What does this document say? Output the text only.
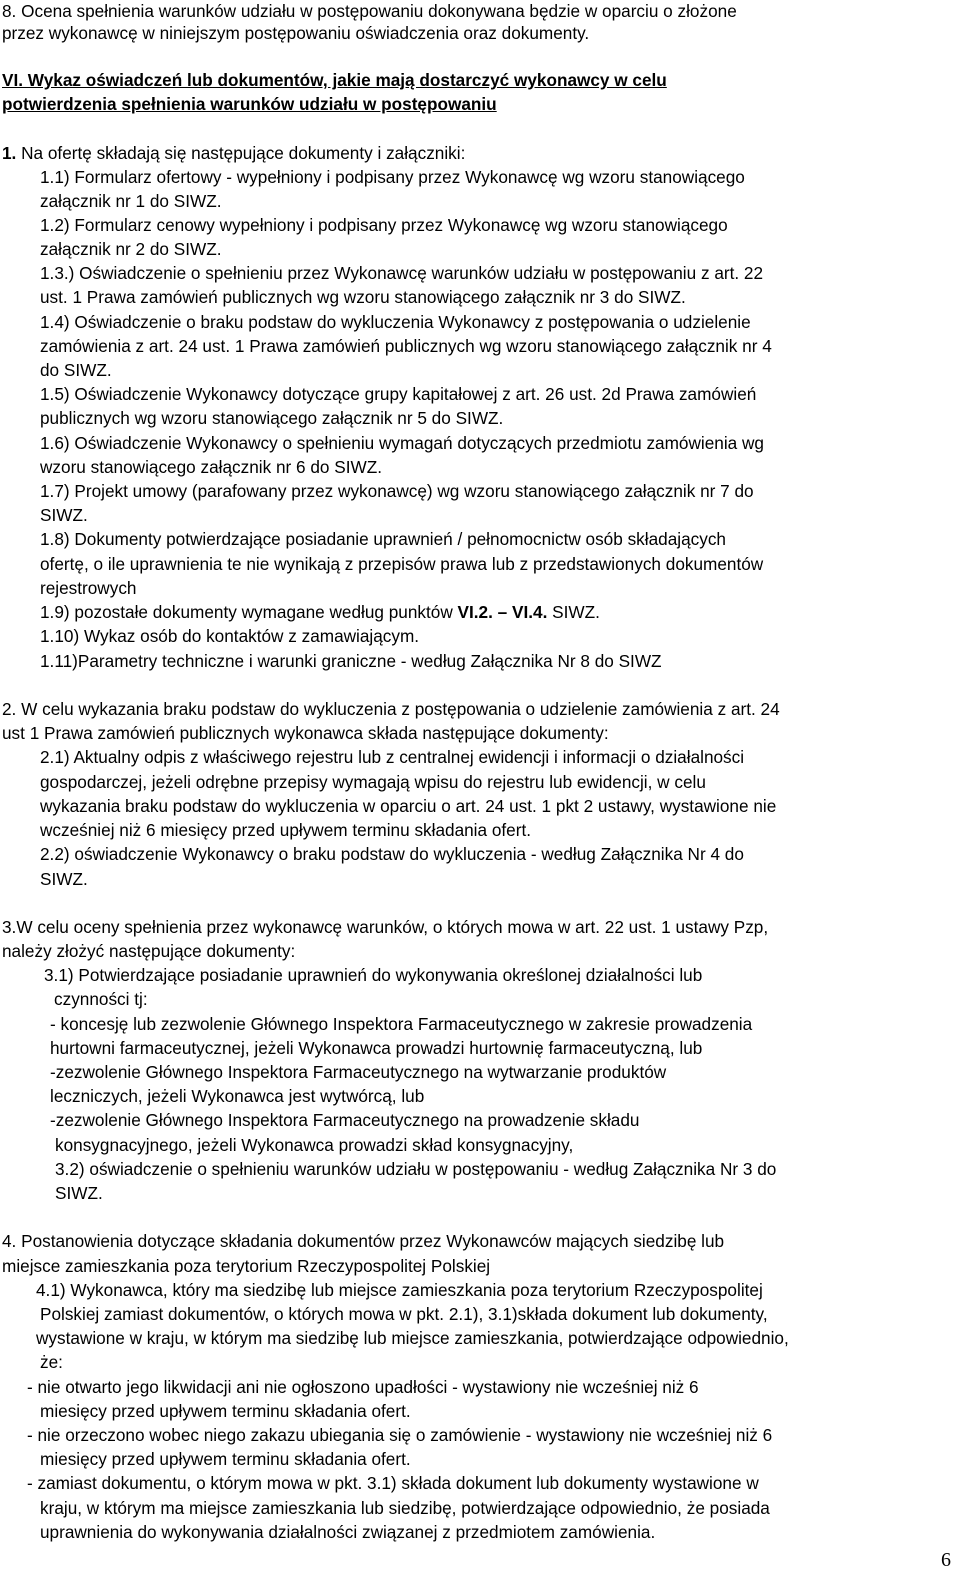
8. Ocena spełnienia warunków udziału w postępowaniu dokonywana będzie w oparciu o złożone
przez wykonawcę w niniejszym postępowaniu oświadczenia oraz dokumenty.
VI. Wykaz oświadczeń lub dokumentów, jakie mają dostarczyć wykonawcy w celu
potwierdzenia spełnienia warunków udziału w postępowaniu
1. Na ofertę składają się następujące dokumenty i załączniki:
1.1) Formularz ofertowy - wypełniony i podpisany przez Wykonawcę wg wzoru stanowiącego
załącznik nr 1 do SIWZ.
1.2) Formularz cenowy wypełniony i podpisany przez Wykonawcę wg wzoru stanowiącego
załącznik nr 2 do SIWZ.
1.3.) Oświadczenie o spełnieniu przez Wykonawcę warunków udziału w postępowaniu z art. 22
ust. 1 Prawa zamówień publicznych wg wzoru stanowiącego załącznik nr 3 do SIWZ.
1.4) Oświadczenie o braku podstaw do wykluczenia Wykonawcy z postępowania o udzielenie
zamówienia z art. 24 ust. 1 Prawa zamówień publicznych wg wzoru stanowiącego załącznik nr 4
do SIWZ.
1.5) Oświadczenie Wykonawcy dotyczące grupy kapitałowej z art. 26 ust. 2d Prawa zamówień
publicznych wg wzoru stanowiącego załącznik nr 5 do SIWZ.
1.6) Oświadczenie Wykonawcy o spełnieniu wymagań dotyczących przedmiotu zamówienia wg
wzoru stanowiącego załącznik nr 6 do SIWZ.
1.7) Projekt umowy (parafowany przez wykonawcę) wg wzoru stanowiącego załącznik nr 7 do
SIWZ.
1.8) Dokumenty potwierdzające posiadanie uprawnień / pełnomocnictw osób składających
ofertę, o ile uprawnienia te nie wynikają z przepisów prawa lub z przedstawionych dokumentów
rejestrowych
1.9) pozostałe dokumenty wymagane według punktów VI.2. – VI.4. SIWZ.
1.10) Wykaz osób do kontaktów z zamawiającym.
1.11)Parametry techniczne i warunki graniczne - według Załącznika Nr 8 do SIWZ
2. W celu wykazania braku podstaw do wykluczenia z postępowania o udzielenie zamówienia z art. 24
ust 1 Prawa zamówień publicznych wykonawca składa następujące dokumenty:
2.1) Aktualny odpis z właściwego rejestru lub z centralnej ewidencji i informacji o działalności
gospodarczej, jeżeli odrębne przepisy wymagają wpisu do rejestru lub ewidencji, w celu
wykazania braku podstaw do wykluczenia w oparciu o art. 24 ust. 1 pkt 2 ustawy, wystawione nie
wcześniej niż 6 miesięcy przed upływem terminu składania ofert.
2.2) oświadczenie Wykonawcy o braku podstaw do wykluczenia - według Załącznika Nr 4 do
SIWZ.
3.W celu oceny spełnienia przez wykonawcę warunków, o których mowa w art. 22 ust. 1 ustawy Pzp,
należy złożyć następujące dokumenty:
3.1) Potwierdzające posiadanie uprawnień do wykonywania określonej działalności lub
czynności tj:
- koncesję lub zezwolenie Głównego Inspektora Farmaceutycznego w zakresie prowadzenia
hurtowni farmaceutycznej, jeżeli Wykonawca prowadzi hurtownię farmaceutyczną, lub
-zezwolenie Głównego Inspektora Farmaceutycznego na wytwarzanie produktów
leczniczych, jeżeli Wykonawca jest wytwórcą, lub
-zezwolenie Głównego Inspektora Farmaceutycznego na prowadzenie składu
konsygnacyjnego, jeżeli Wykonawca prowadzi skład konsygnacyjny,
3.2) oświadczenie o spełnieniu warunków udziału w postępowaniu - według Załącznika Nr 3 do
SIWZ.
4. Postanowienia dotyczące składania dokumentów przez Wykonawców mających siedzibę lub
miejsce zamieszkania poza terytorium Rzeczypospolitej Polskiej
4.1) Wykonawca, który ma siedzibę lub miejsce zamieszkania poza terytorium Rzeczypospolitej
Polskiej zamiast dokumentów, o których mowa w pkt. 2.1), 3.1)składa dokument lub dokumenty,
wystawione w kraju, w którym ma siedzibę lub miejsce zamieszkania, potwierdzające odpowiednio,
że:
- nie otwarto jego likwidacji ani nie ogłoszono upadłości - wystawiony nie wcześniej niż 6
miesięcy przed upływem terminu składania ofert.
- nie orzeczono wobec niego zakazu ubiegania się o zamówienie - wystawiony nie wcześniej niż 6
miesięcy przed upływem terminu składania ofert.
- zamiast dokumentu, o którym mowa w pkt. 3.1) składa dokument lub dokumenty wystawione w
kraju, w którym ma miejsce zamieszkania lub siedzibę, potwierdzające odpowiednio, że posiada
uprawnienia do wykonywania działalności związanej z przedmiotem zamówienia.
6
